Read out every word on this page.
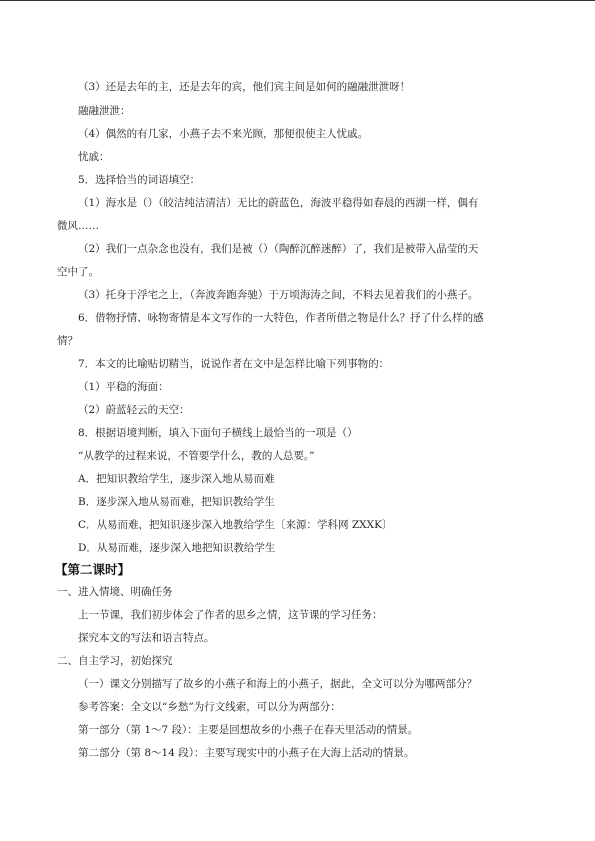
（3）还是去年的主，还是去年的宾，他们宾主间是如何的融融泄泄呀！
融融泄泄：
（4）偶然的有几家，小燕子去不来光顾，那便很使主人忧戚。
忧戚：
5．选择恰当的词语填空：
（1）海水是（）（皎洁纯洁清洁）无比的蔚蓝色，海波平稳得如春晨的西湖一样，偶有
微风……
（2）我们一点杂念也没有，我们是被（）（陶醉沉醉迷醉）了，我们是被带入晶莹的天
空中了。
（3）托身于浮宅之上，（奔波奔跑奔驰）于万顷海涛之间，不料去见着我们的小燕子。
6．借物抒情、咏物寄情是本文写作的一大特色，作者所借之物是什么？抒了什么样的感
情？
7．本文的比喻贴切精当，说说作者在文中是怎样比喻下列事物的：
（1）平稳的海面：
（2）蔚蓝轻云的天空：
8．根据语境判断，填入下面句子横线上最恰当的一项是（）
“从教学的过程来说，不管要学什么，教的人总要。”
A．把知识教给学生，逐步深入地从易而难
B．逐步深入地从易而难，把知识教给学生
C．从易而难，把知识逐步深入地教给学生〔来源：学科网 ZXXK〕
D．从易而难，逐步深入地把知识教给学生
【第二课时】
一、进入情境、明确任务
上一节课，我们初步体会了作者的思乡之情，这节课的学习任务：
探究本文的写法和语言特点。
二、自主学习，初始探究
（一）课文分别描写了故乡的小燕子和海上的小燕子，据此，全文可以分为哪两部分？
参考答案：全文以“乡愁”为行文线索，可以分为两部分：
第一部分（第 1～7 段）：主要是回想故乡的小燕子在春天里活动的情景。
第二部分（第 8～14 段）：主要写现实中的小燕子在大海上活动的情景。
